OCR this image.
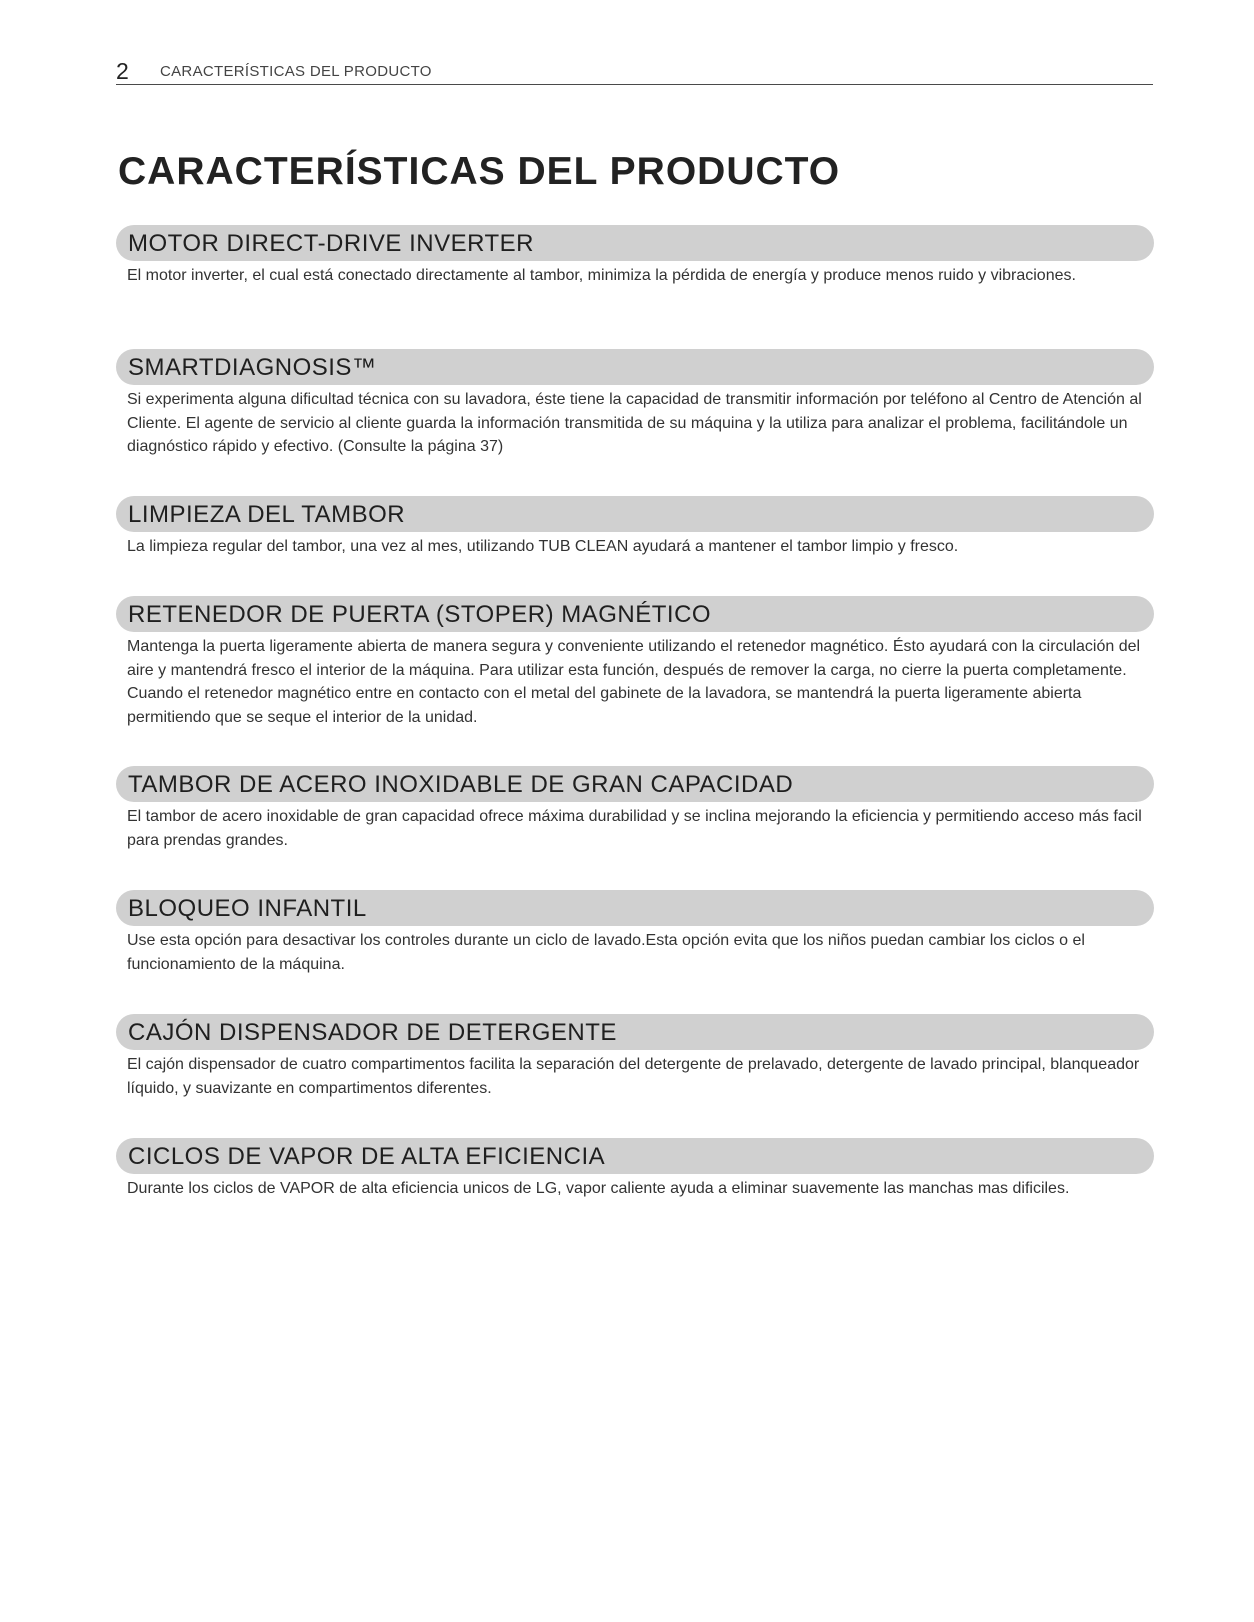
2 CARACTERÍSTICAS DEL PRODUCTO
CARACTERÍSTICAS DEL PRODUCTO
MOTOR DIRECT-DRIVE INVERTER

El motor inverter, el cual está conectado directamente al tambor, minimiza la pérdida de energía y produce menos ruido y vibraciones.

SMARTDIAGNOSIS™

Si experimenta alguna dificultad técnica con su lavadora, éste tiene la capacidad de transmitir información por teléfono al Centro de Atención al Cliente. El agente de servicio al cliente guarda la información transmitida de su máquina y la utiliza para analizar el problema, facilitándole un diagnóstico rápido y efectivo. (Consulte la página 37)

LIMPIEZA DEL TAMBOR

La limpieza regular del tambor, una vez al mes, utilizando TUB CLEAN ayudará a mantener el tambor limpio y fresco.

RETENEDOR DE PUERTA (STOPER) MAGNÉTICO

Mantenga la puerta ligeramente abierta de manera segura y conveniente utilizando el retenedor magnético. Ésto ayudará con la circulación del aire y mantendrá fresco el interior de la máquina. Para utilizar esta función, después de remover la carga, no cierre la puerta completamente. Cuando el retenedor magnético entre en contacto con el metal del gabinete de la lavadora, se mantendrá la puerta ligeramente abierta permitiendo que se seque el interior de la unidad.

TAMBOR DE ACERO INOXIDABLE DE GRAN CAPACIDAD

El tambor de acero inoxidable de gran capacidad ofrece máxima durabilidad y se inclina mejorando la eficiencia y permitiendo acceso más facil para prendas grandes.

BLOQUEO INFANTIL

Use esta opción para desactivar los controles durante un ciclo de lavado.Esta opción evita que los niños puedan cambiar los ciclos o el funcionamiento de la máquina.

CAJÓN DISPENSADOR DE DETERGENTE

El cajón dispensador de cuatro compartimentos facilita la separación del detergente de prelavado, detergente de lavado principal, blanqueador líquido, y suavizante en compartimentos diferentes.

CICLOS DE VAPOR DE ALTA EFICIENCIA

Durante los ciclos de VAPOR de alta eficiencia unicos de LG, vapor caliente ayuda a eliminar suavemente las manchas mas dificiles.
